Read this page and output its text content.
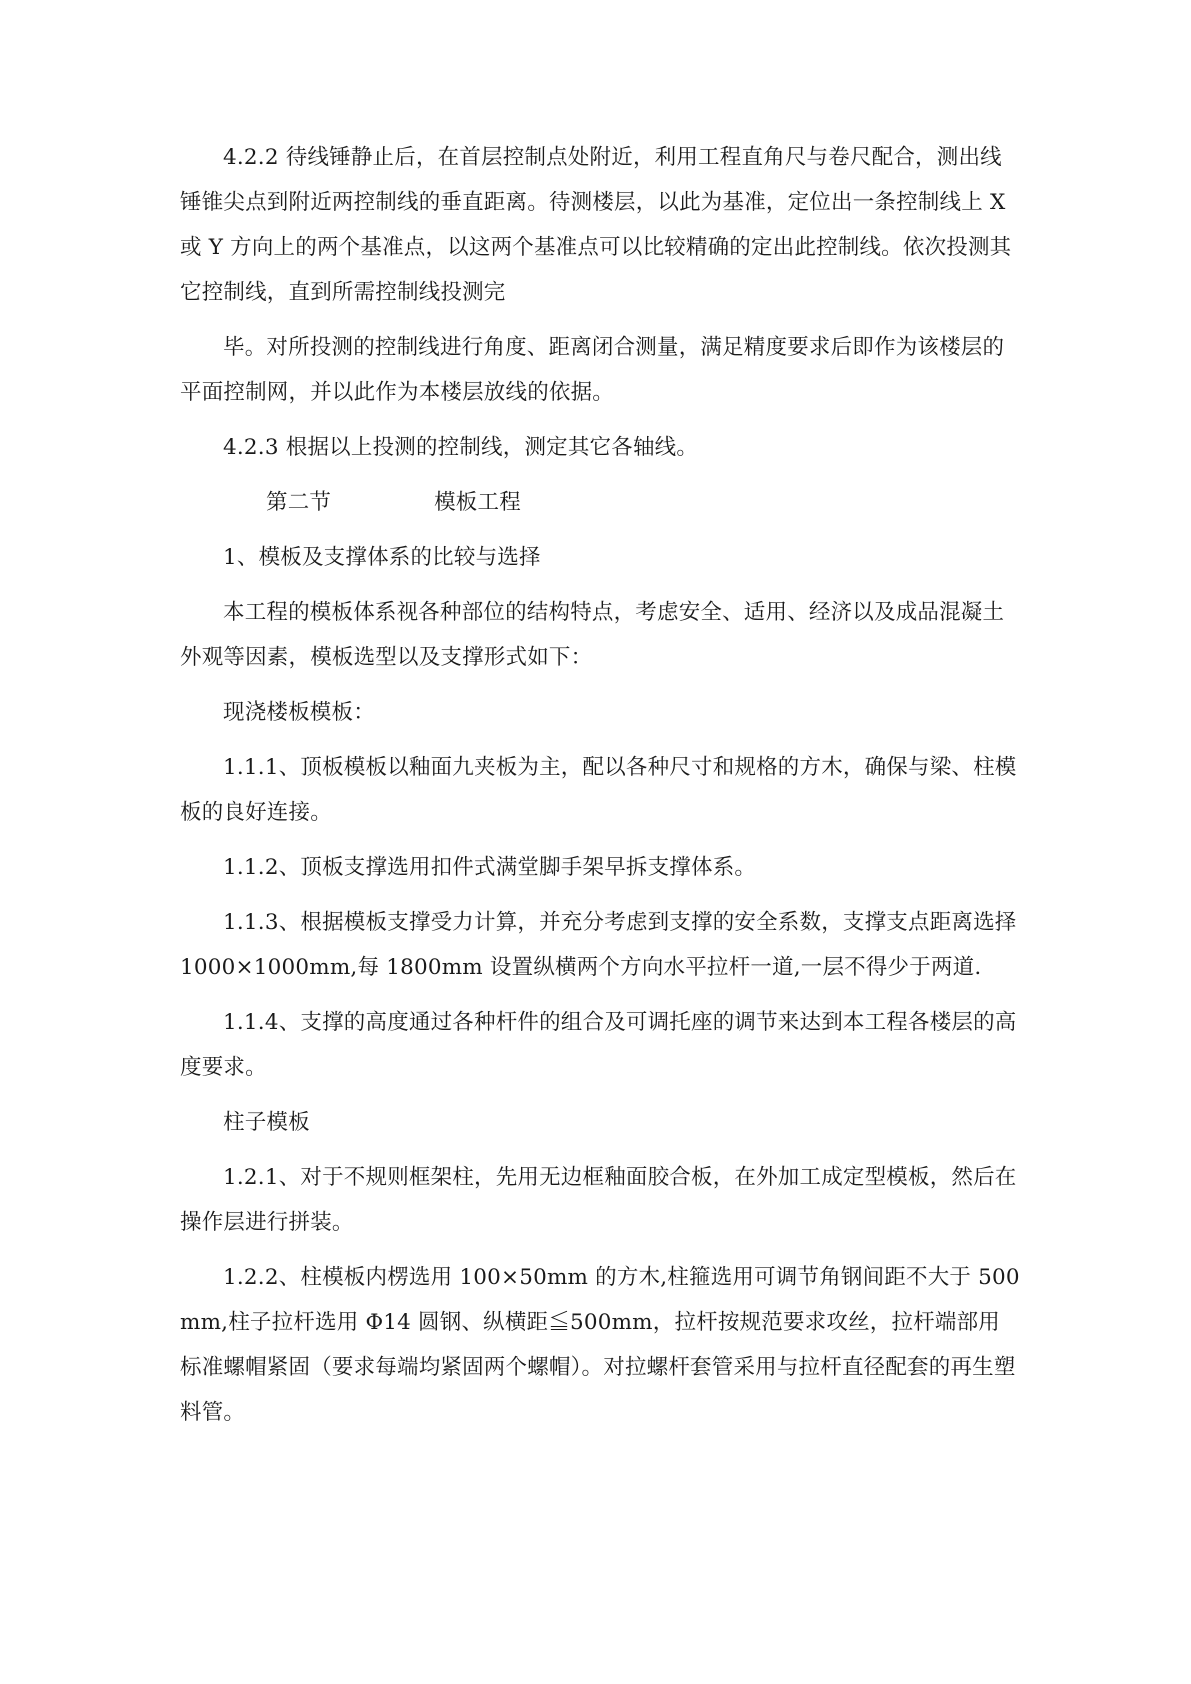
4.2.2 待线锤静止后，在首层控制点处附近，利用工程直角尺与卷尺配合，测出线锤锥尖点到附近两控制线的垂直距离。待测楼层，以此为基准，定位出一条控制线上 X 或 Y 方向上的两个基准点，以这两个基准点可以比较精确的定出此控制线。依次投测其它控制线，直到所需控制线投测完

毕。对所投测的控制线进行角度、距离闭合测量，满足精度要求后即作为该楼层的平面控制网，并以此作为本楼层放线的依据。

4.2.3 根据以上投测的控制线，测定其它各轴线。

第二节	模板工程

1、模板及支撑体系的比较与选择

本工程的模板体系视各种部位的结构特点，考虑安全、适用、经济以及成品混凝土外观等因素，模板选型以及支撑形式如下：

现浇楼板模板：

1.1.1、顶板模板以釉面九夹板为主，配以各种尺寸和规格的方木，确保与梁、柱模板的良好连接。

1.1.2、顶板支撑选用扣件式满堂脚手架早拆支撑体系。

1.1.3、根据模板支撑受力计算，并充分考虑到支撑的安全系数，支撑支点距离选择 1000×1000mm,每 1800mm 设置纵横两个方向水平拉杆一道,一层不得少于两道.

1.1.4、支撑的高度通过各种杆件的组合及可调托座的调节来达到本工程各楼层的高度要求。

柱子模板

1.2.1、对于不规则框架柱，先用无边框釉面胶合板，在外加工成定型模板，然后在操作层进行拼装。

1.2.2、柱模板内楞选用 100×50mm 的方木,柱箍选用可调节角钢间距不大于 500mm,柱子拉杆选用 Φ14 圆钢、纵横距≦500mm，拉杆按规范要求攻丝，拉杆端部用标准螺帽紧固（要求每端均紧固两个螺帽）。对拉螺杆套管采用与拉杆直径配套的再生塑料管。
